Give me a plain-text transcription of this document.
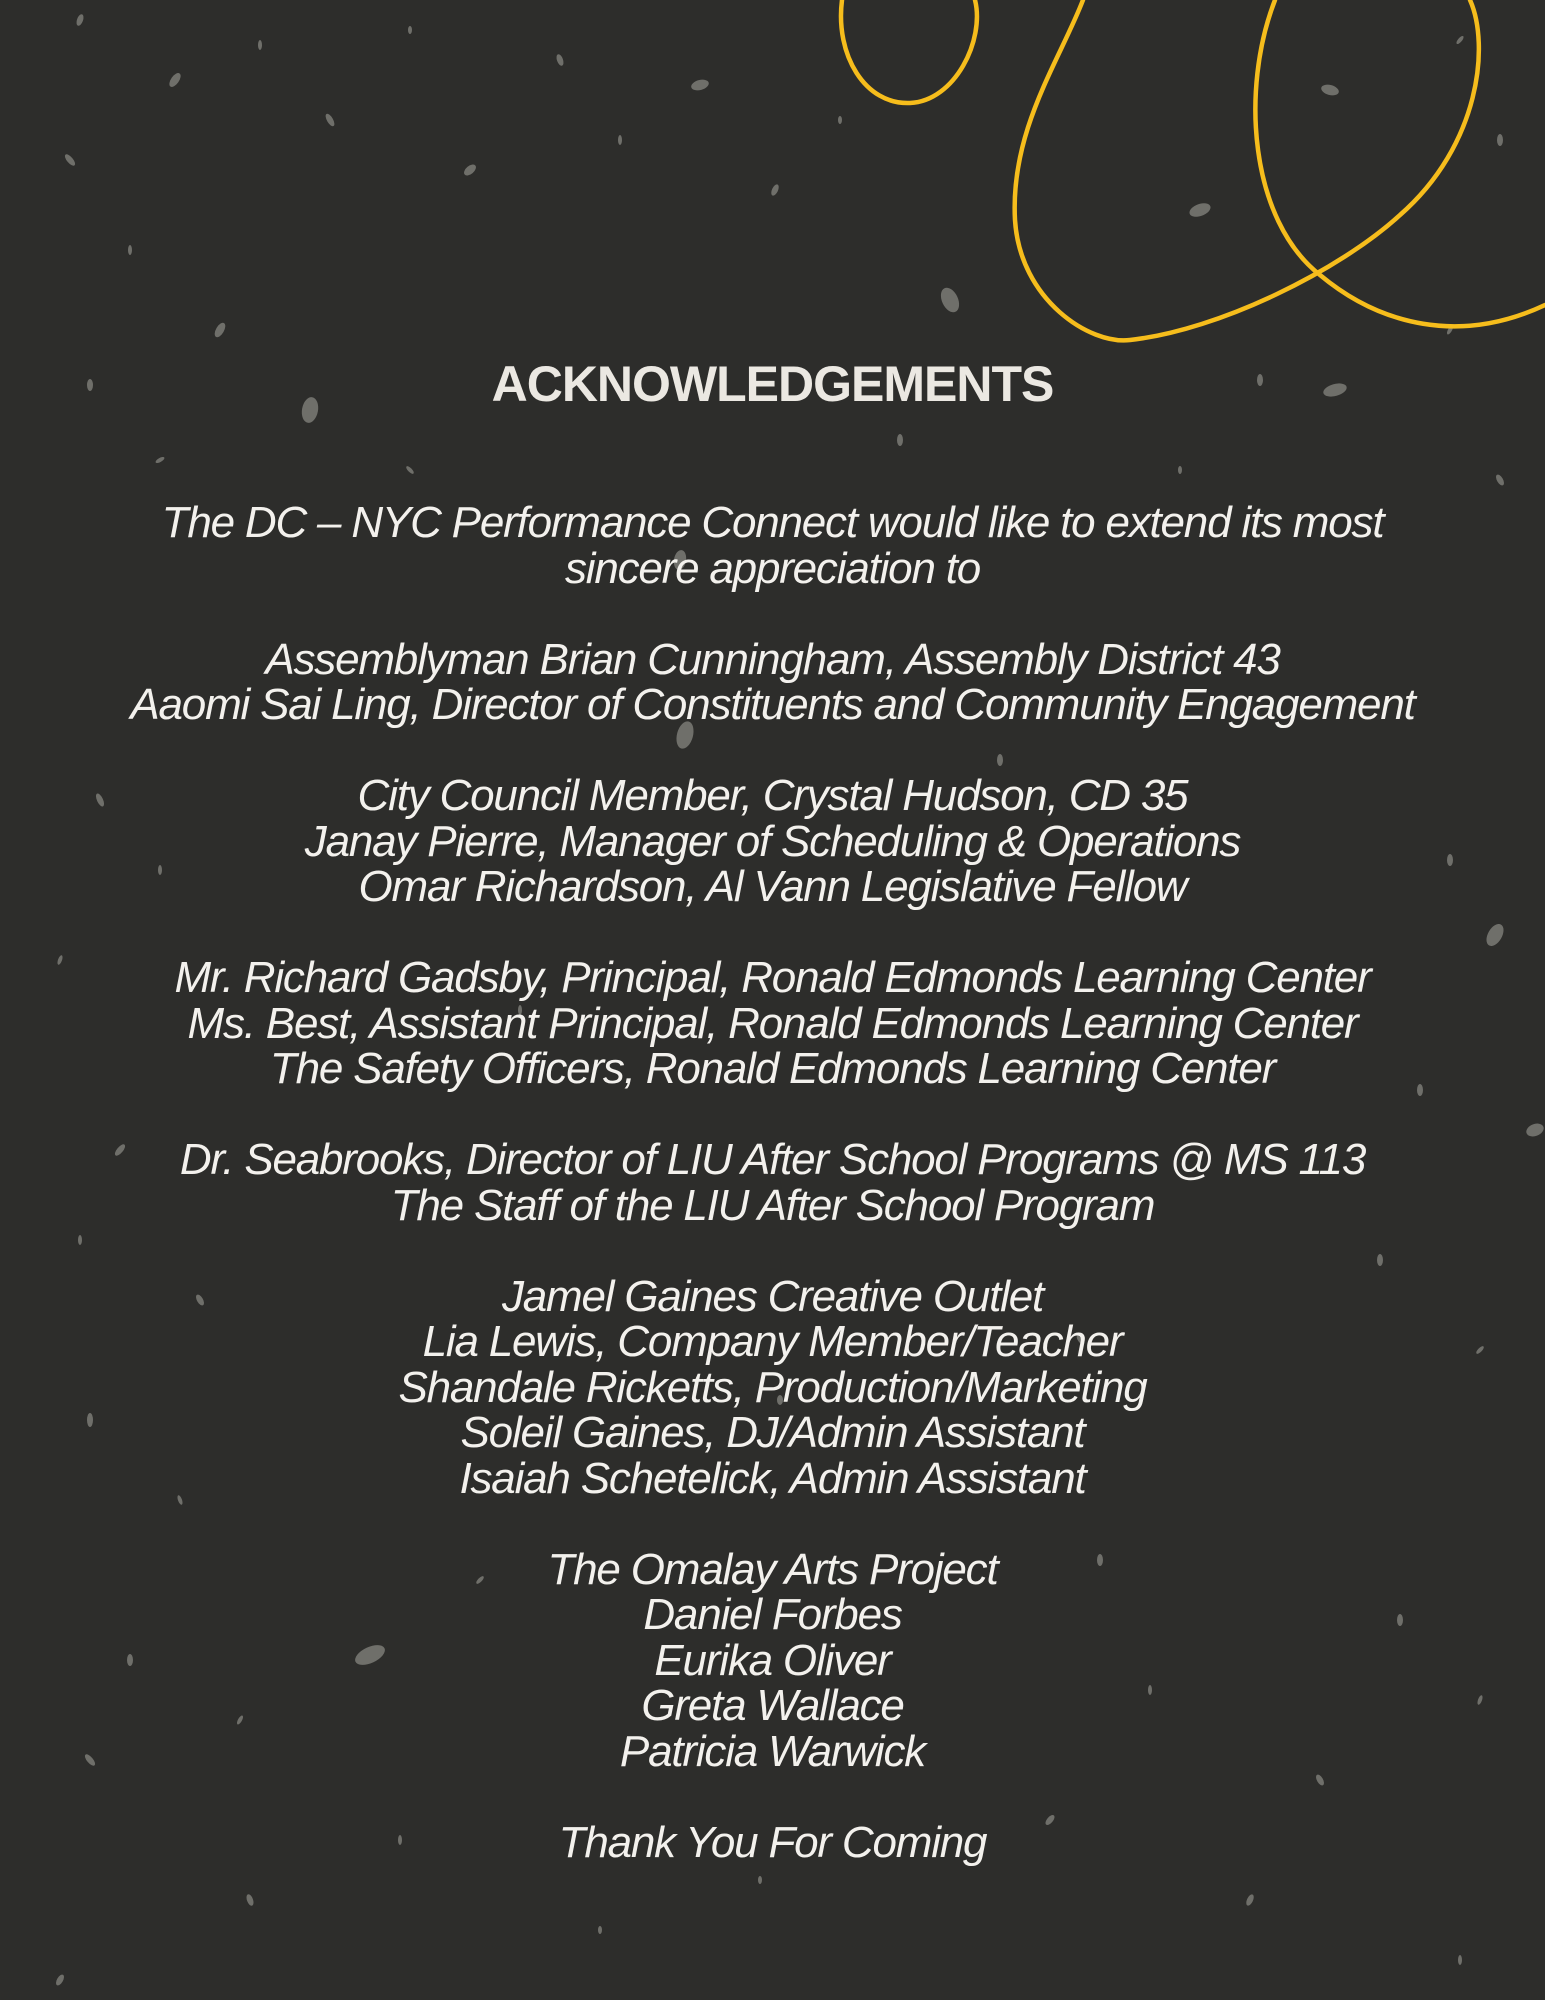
ACKNOWLEDGEMENTS
The DC – NYC Performance Connect would like to extend its most
sincere appreciation to
Assemblyman Brian Cunningham, Assembly District 43
Aaomi Sai Ling, Director of Constituents and Community Engagement
City Council Member, Crystal Hudson, CD 35
Janay Pierre, Manager of Scheduling & Operations
Omar Richardson, Al Vann Legislative Fellow
Mr. Richard Gadsby, Principal, Ronald Edmonds Learning Center
Ms. Best, Assistant Principal, Ronald Edmonds Learning Center
The Safety Officers, Ronald Edmonds Learning Center
Dr. Seabrooks, Director of LIU After School Programs @ MS 113
The Staff of the LIU After School Program
Jamel Gaines Creative Outlet
Lia Lewis, Company Member/Teacher
Shandale Ricketts, Production/Marketing
Soleil Gaines, DJ/Admin Assistant
Isaiah Schetelick, Admin Assistant
The Omalay Arts Project
Daniel Forbes
Eurika Oliver
Greta Wallace
Patricia Warwick
Thank You For Coming
